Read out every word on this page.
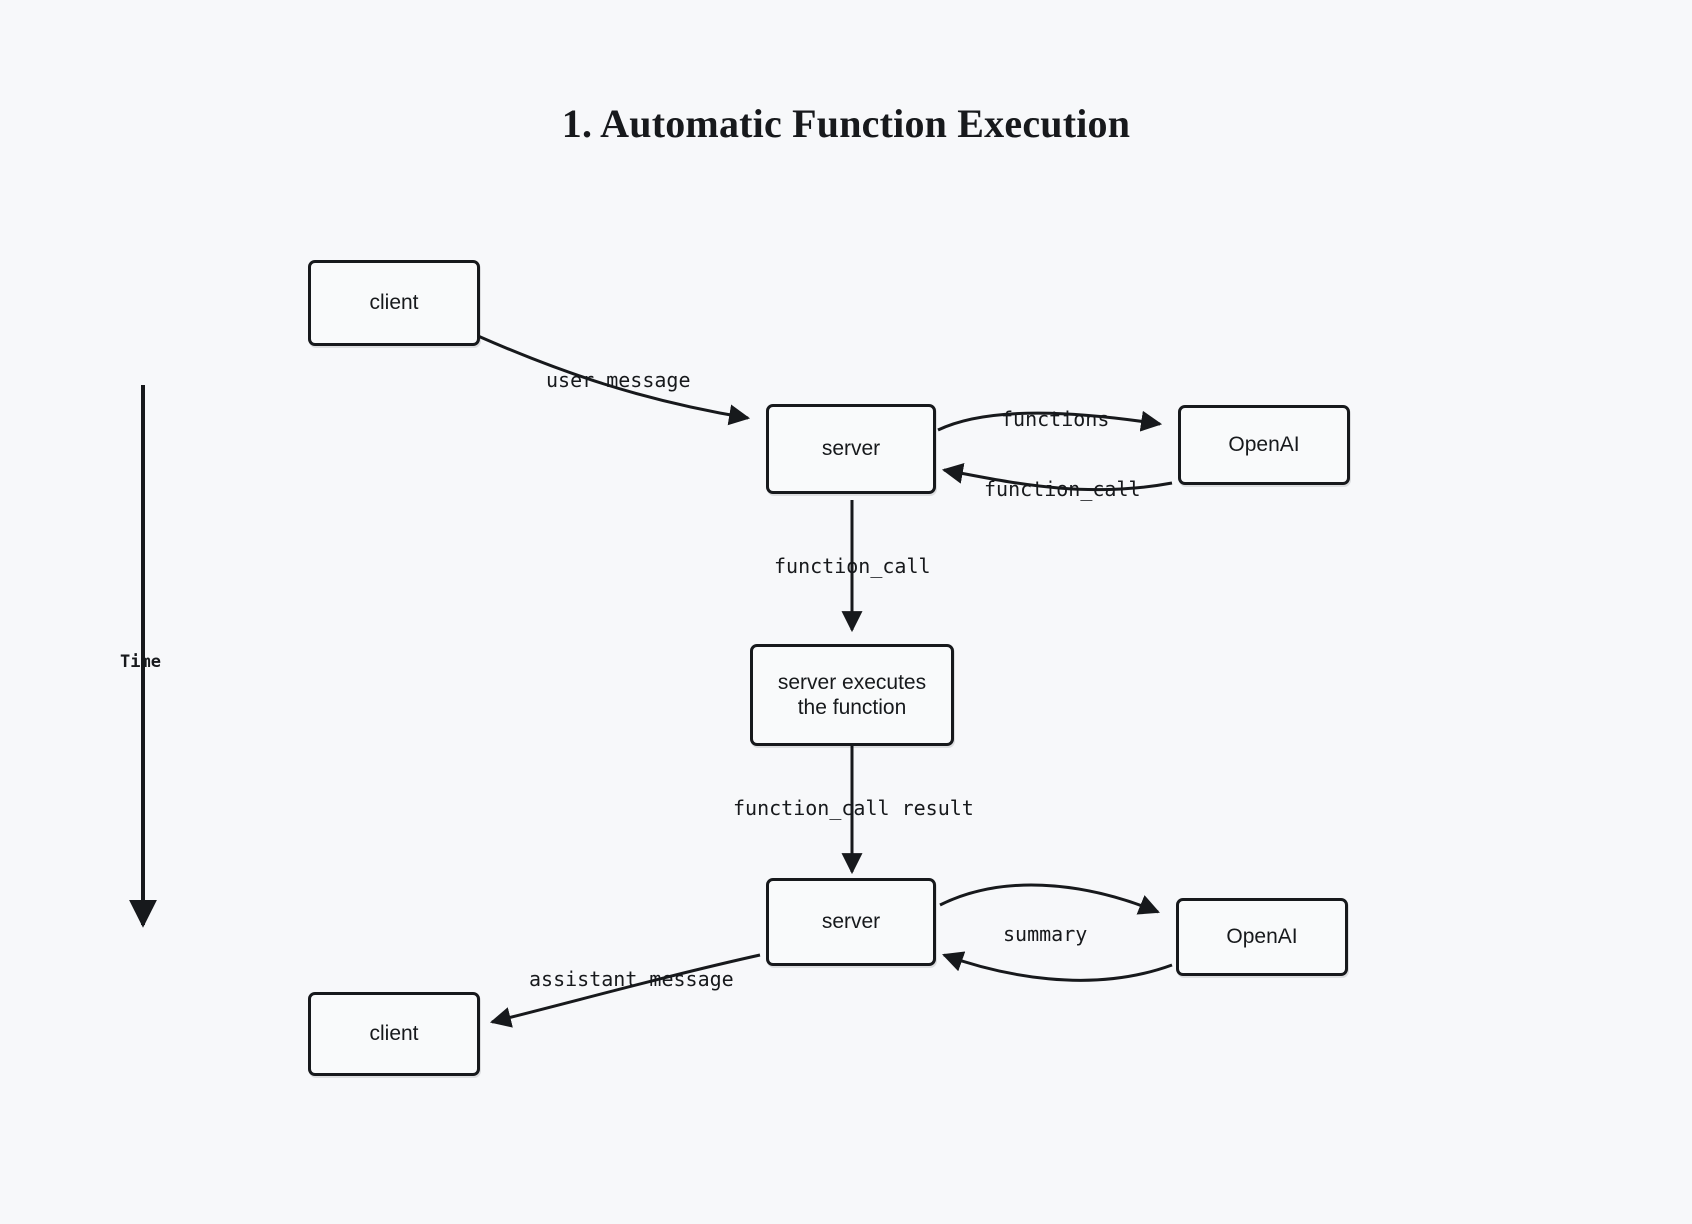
1. Automatic Function Execution
Time
client
server	OpenAI
server executes
the function
server
OpenAI
client
user message
functions
function_call
function_call
function_call result
summary
assistant message
